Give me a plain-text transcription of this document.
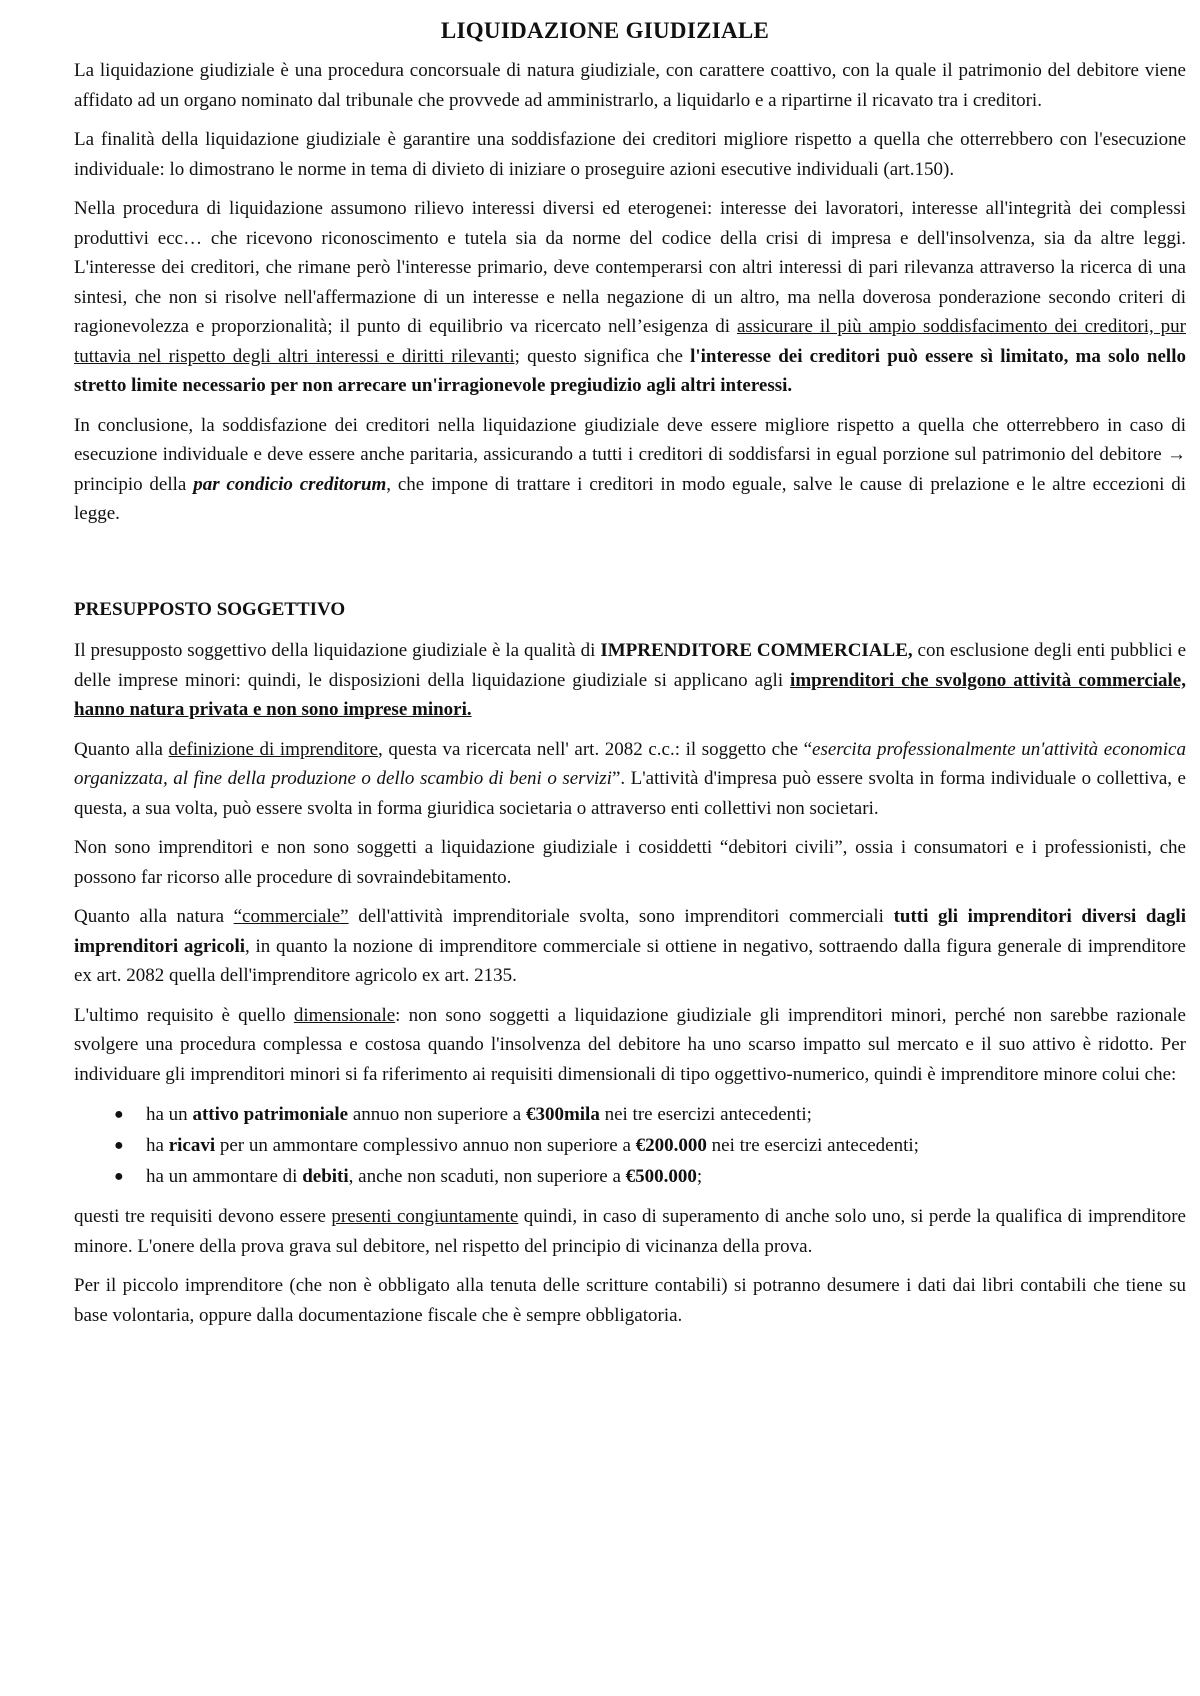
LIQUIDAZIONE GIUDIZIALE

La liquidazione giudiziale è una procedura concorsuale di natura giudiziale, con carattere coattivo, con la quale il patrimonio del debitore viene affidato ad un organo nominato dal tribunale che provvede ad amministrarlo, a liquidarlo e a ripartirne il ricavato tra i creditori.

La finalità della liquidazione giudiziale è garantire una soddisfazione dei creditori migliore rispetto a quella che otterrebbero con l'esecuzione individuale: lo dimostrano le norme in tema di divieto di iniziare o proseguire azioni esecutive individuali (art.150).

Nella procedura di liquidazione assumono rilievo interessi diversi ed eterogenei: interesse dei lavoratori, interesse all'integrità dei complessi produttivi ecc… che ricevono riconoscimento e tutela sia da norme del codice della crisi di impresa e dell'insolvenza, sia da altre leggi. L'interesse dei creditori, che rimane però l'interesse primario, deve contemperarsi con altri interessi di pari rilevanza attraverso la ricerca di una sintesi, che non si risolve nell'affermazione di un interesse e nella negazione di un altro, ma nella doverosa ponderazione secondo criteri di ragionevolezza e proporzionalità; il punto di equilibrio va ricercato nell’esigenza di assicurare il più ampio soddisfacimento dei creditori, pur tuttavia nel rispetto degli altri interessi e diritti rilevanti; questo significa che l'interesse dei creditori può essere sì limitato, ma solo nello stretto limite necessario per non arrecare un'irragionevole pregiudizio agli altri interessi.

In conclusione, la soddisfazione dei creditori nella liquidazione giudiziale deve essere migliore rispetto a quella che otterrebbero in caso di esecuzione individuale e deve essere anche paritaria, assicurando a tutti i creditori di soddisfarsi in egual porzione sul patrimonio del debitore → principio della par condicio creditorum, che impone di trattare i creditori in modo eguale, salve le cause di prelazione e le altre eccezioni di legge.

PRESUPPOSTO SOGGETTIVO

Il presupposto soggettivo della liquidazione giudiziale è la qualità di IMPRENDITORE COMMERCIALE, con esclusione degli enti pubblici e delle imprese minori: quindi, le disposizioni della liquidazione giudiziale si applicano agli imprenditori che svolgono attività commerciale, hanno natura privata e non sono imprese minori.

Quanto alla definizione di imprenditore, questa va ricercata nell' art. 2082 c.c.: il soggetto che “esercita professionalmente un'attività economica organizzata, al fine della produzione o dello scambio di beni o servizi”. L'attività d'impresa può essere svolta in forma individuale o collettiva, e questa, a sua volta, può essere svolta in forma giuridica societaria o attraverso enti collettivi non societari.

Non sono imprenditori e non sono soggetti a liquidazione giudiziale i cosiddetti “debitori civili”, ossia i consumatori e i professionisti, che possono far ricorso alle procedure di sovraindebitamento.

Quanto alla natura “commerciale” dell'attività imprenditoriale svolta, sono imprenditori commerciali tutti gli imprenditori diversi dagli imprenditori agricoli, in quanto la nozione di imprenditore commerciale si ottiene in negativo, sottraendo dalla figura generale di imprenditore ex art. 2082 quella dell'imprenditore agricolo ex art. 2135.

L'ultimo requisito è quello dimensionale: non sono soggetti a liquidazione giudiziale gli imprenditori minori, perché non sarebbe razionale svolgere una procedura complessa e costosa quando l'insolvenza del debitore ha uno scarso impatto sul mercato e il suo attivo è ridotto. Per individuare gli imprenditori minori si fa riferimento ai requisiti dimensionali di tipo oggettivo-numerico, quindi è imprenditore minore colui che:

● ha un attivo patrimoniale annuo non superiore a €300mila nei tre esercizi antecedenti;
● ha ricavi per un ammontare complessivo annuo non superiore a €200.000 nei tre esercizi antecedenti;
● ha un ammontare di debiti, anche non scaduti, non superiore a €500.000;

questi tre requisiti devono essere presenti congiuntamente quindi, in caso di superamento di anche solo uno, si perde la qualifica di imprenditore minore. L'onere della prova grava sul debitore, nel rispetto del principio di vicinanza della prova.

Per il piccolo imprenditore (che non è obbligato alla tenuta delle scritture contabili) si potranno desumere i dati dai libri contabili che tiene su base volontaria, oppure dalla documentazione fiscale che è sempre obbligatoria.
